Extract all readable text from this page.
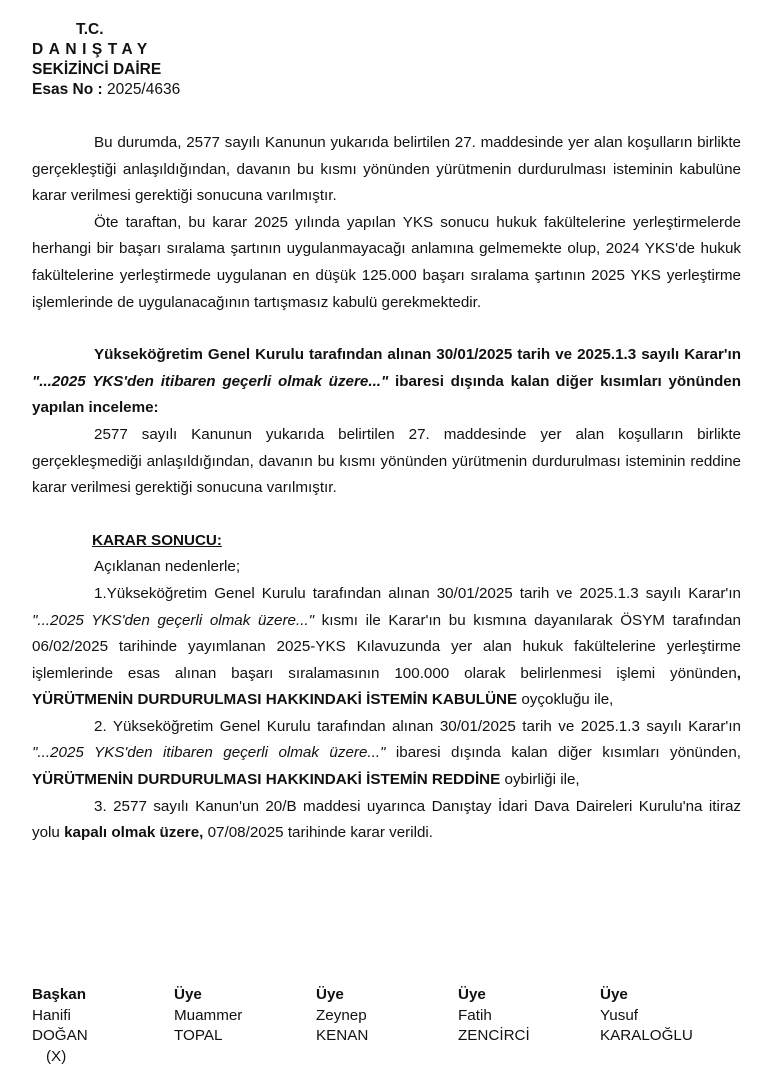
T.C.
DANIŞTAY
SEKİZİNCİ DAİRE
Esas No : 2025/4636

Bu durumda, 2577 sayılı Kanunun yukarıda belirtilen 27. maddesinde yer alan koşulların birlikte gerçekleştiği anlaşıldığından, davanın bu kısmı yönünden yürütmenin durdurulması isteminin kabulüne karar verilmesi gerektiği sonucuna varılmıştır.

Öte taraftan, bu karar 2025 yılında yapılan YKS sonucu hukuk fakültelerine yerleştirmelerde herhangi bir başarı sıralama şartının uygulanmayacağı anlamına gelmemekte olup, 2024 YKS'de hukuk fakültelerine yerleştirmede uygulanan en düşük 125.000 başarı sıralama şartının 2025 YKS yerleştirme işlemlerinde de uygulanacağının tartışmasız kabulü gerekmektedir.

Yükseköğretim Genel Kurulu tarafından alınan 30/01/2025 tarih ve 2025.1.3 sayılı Karar'ın "...2025 YKS'den itibaren geçerli olmak üzere..." ibaresi dışında kalan diğer kısımları yönünden yapılan inceleme:

2577 sayılı Kanunun yukarıda belirtilen 27. maddesinde yer alan koşulların birlikte gerçekleşmediği anlaşıldığından, davanın bu kısmı yönünden yürütmenin durdurulması isteminin reddine karar verilmesi gerektiği sonucuna varılmıştır.

KARAR SONUCU:

Açıklanan nedenlerle;

1.Yükseköğretim Genel Kurulu tarafından alınan 30/01/2025 tarih ve 2025.1.3 sayılı Karar'ın "...2025 YKS'den geçerli olmak üzere..." kısmı ile Karar'ın bu kısmına dayanılarak ÖSYM tarafından 06/02/2025 tarihinde yayımlanan 2025-YKS Kılavuzunda yer alan hukuk fakültelerine yerleştirme işlemlerinde esas alınan başarı sıralamasının 100.000 olarak belirlenmesi işlemi yönünden, YÜRÜTMENİN DURDURULMASI HAKKINDAKİ İSTEMİN KABULÜNE oyçokluğu ile,

2. Yükseköğretim Genel Kurulu tarafından alınan 30/01/2025 tarih ve 2025.1.3 sayılı Karar'ın "...2025 YKS'den itibaren geçerli olmak üzere..." ibaresi dışında kalan diğer kısımları yönünden, YÜRÜTMENİN DURDURULMASI HAKKINDAKİ İSTEMİN REDDİNE oybirliği ile,

3. 2577 sayılı Kanun'un 20/B maddesi uyarınca Danıştay İdari Dava Daireleri Kurulu'na itiraz yolu kapalı olmak üzere, 07/08/2025 tarihinde karar verildi.

Başkan
Hanifi
DOĞAN
(X)
Üye
Muammer
TOPAL
Üye
Zeynep
KENAN
Üye
Fatih
ZENCİRCİ
Üye
Yusuf
KARALOĞLU
